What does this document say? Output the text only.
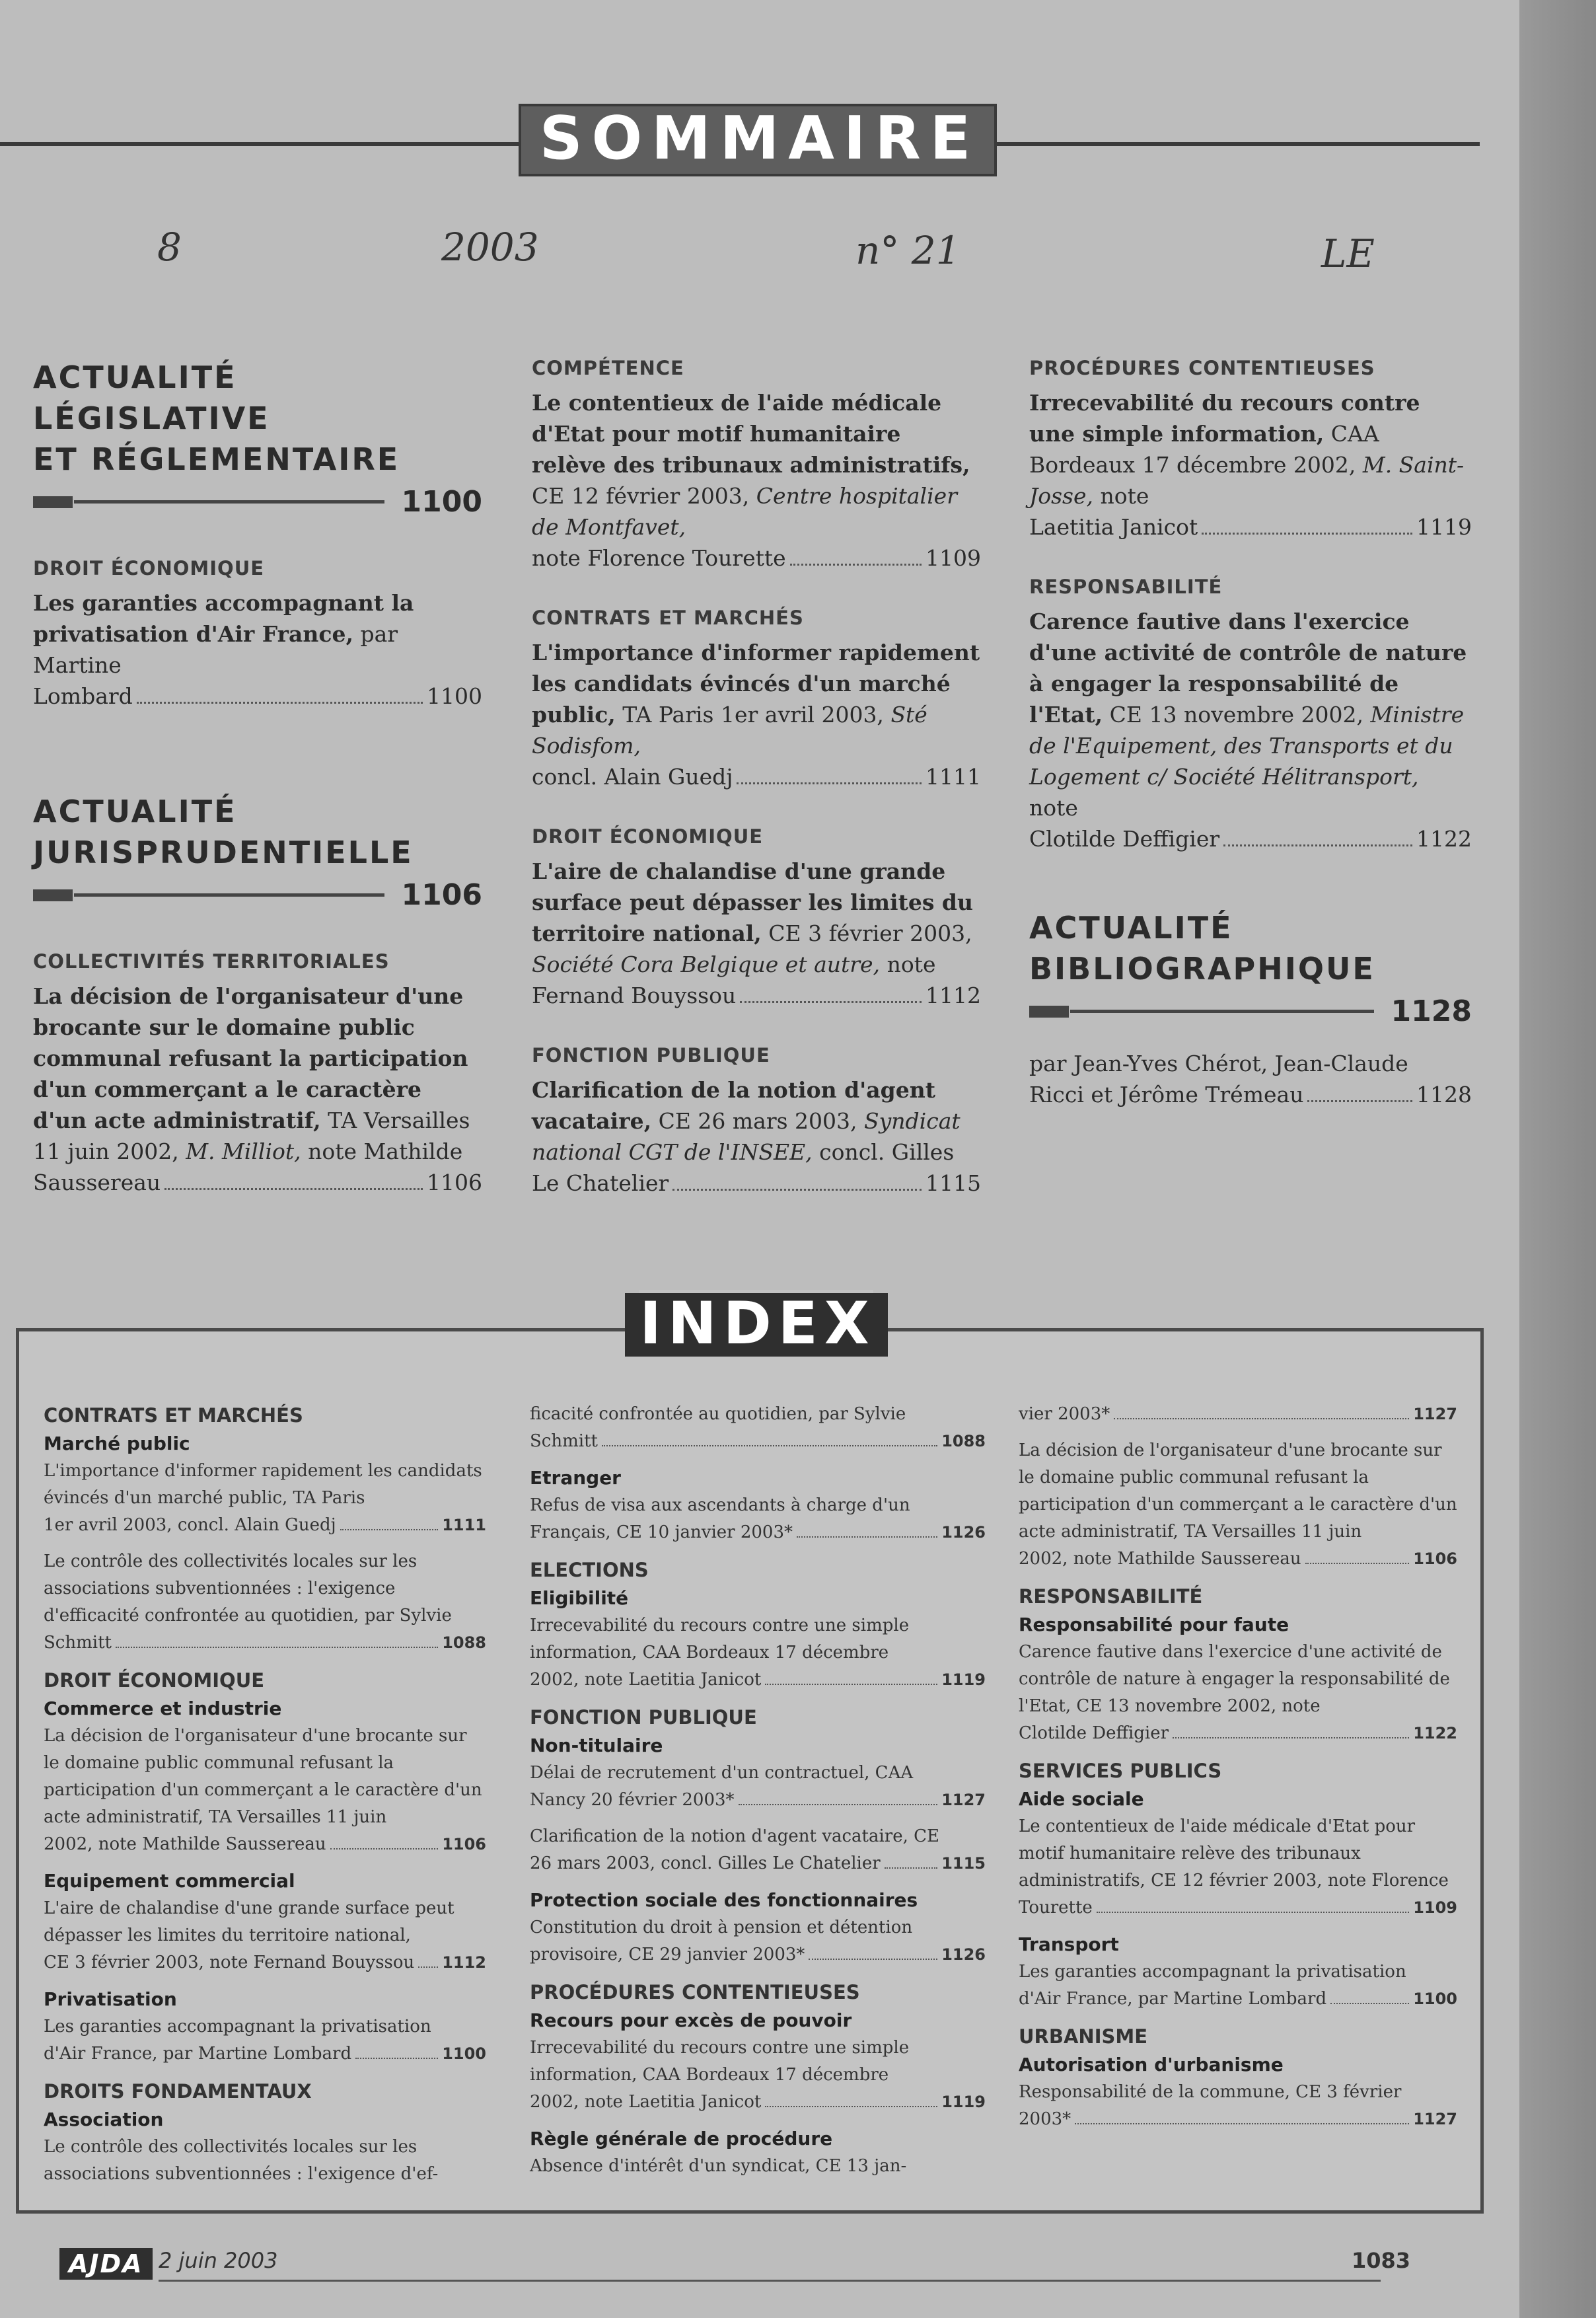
SOMMAIRE
8	2003	n° 21	LE
ACTUALITÉ LÉGISLATIVE
ET RÉGLEMENTAIRE
1100
DROIT ÉCONOMIQUE
Les garanties accompagnant la privatisation d'Air France, par Martine
Lombard	1100
ACTUALITÉ
JURISPRUDENTIELLE
1106
COLLECTIVITÉS TERRITORIALES
La décision de l'organisateur d'une brocante sur le domaine public communal refusant la participation d'un commerçant a le caractère d'un acte administratif, TA Versailles 11 juin 2002, M. Milliot, note Mathilde
Saussereau	1106
COMPÉTENCE
Le contentieux de l'aide médicale d'Etat pour motif humanitaire relève des tribunaux administratifs, CE 12 février 2003, Centre hospitalier de Montfavet,
note Florence Tourette	1109
CONTRATS ET MARCHÉS
L'importance d'informer rapidement les candidats évincés d'un marché public, TA Paris 1er avril 2003, Sté Sodisfom,
concl. Alain Guedj	1111
DROIT ÉCONOMIQUE
L'aire de chalandise d'une grande surface peut dépasser les limites du territoire national, CE 3 février 2003, Société Cora Belgique et autre, note
Fernand Bouyssou	1112
FONCTION PUBLIQUE
Clarification de la notion d'agent vacataire, CE 26 mars 2003, Syndicat national CGT de l'INSEE, concl. Gilles
Le Chatelier	1115
PROCÉDURES CONTENTIEUSES
Irrecevabilité du recours contre une simple information, CAA Bordeaux 17 décembre 2002, M. Saint-Josse, note
Laetitia Janicot	1119
RESPONSABILITÉ
Carence fautive dans l'exercice d'une activité de contrôle de nature à engager la responsabilité de l'Etat, CE 13 novembre 2002, Ministre de l'Equipement, des Transports et du Logement c/ Société Hélitransport, note
Clotilde Deffigier	1122
ACTUALITÉ
BIBLIOGRAPHIQUE
1128
par Jean-Yves Chérot, Jean-Claude
Ricci et Jérôme Trémeau	1128
INDEX
CONTRATS ET MARCHÉS
Marché public
L'importance d'informer rapidement les candidats évincés d'un marché public, TA Paris
1er avril 2003, concl. Alain Guedj	1111
Le contrôle des collectivités locales sur les associations subventionnées : l'exigence d'efficacité confrontée au quotidien, par Sylvie
Schmitt	1088
DROIT ÉCONOMIQUE
Commerce et industrie
La décision de l'organisateur d'une brocante sur le domaine public communal refusant la participation d'un commerçant a le caractère d'un acte administratif, TA Versailles 11 juin
2002, note Mathilde Saussereau	1106
Equipement commercial
L'aire de chalandise d'une grande surface peut dépasser les limites du territoire national,
CE 3 février 2003, note Fernand Bouyssou 1112
Privatisation
Les garanties accompagnant la privatisation
d'Air France, par Martine Lombard	1100
DROITS FONDAMENTAUX
Association
Le contrôle des collectivités locales sur les associations subventionnées : l'exigence d'ef-
ficacité confrontée au quotidien, par Sylvie
Schmitt	1088
Etranger
Refus de visa aux ascendants à charge d'un
Français, CE 10 janvier 2003*	1126
ELECTIONS
Eligibilité
Irrecevabilité du recours contre une simple information, CAA Bordeaux 17 décembre
2002, note Laetitia Janicot	1119
FONCTION PUBLIQUE
Non-titulaire
Délai de recrutement d'un contractuel, CAA
Nancy 20 février 2003*	1127
Clarification de la notion d'agent vacataire, CE
26 mars 2003, concl. Gilles Le Chatelier	1115
Protection sociale des fonctionnaires
Constitution du droit à pension et détention
provisoire, CE 29 janvier 2003*	1126
PROCÉDURES CONTENTIEUSES
Recours pour excès de pouvoir
Irrecevabilité du recours contre une simple information, CAA Bordeaux 17 décembre
2002, note Laetitia Janicot	1119
Règle générale de procédure
Absence d'intérêt d'un syndicat, CE 13 jan-
vier 2003*	1127
La décision de l'organisateur d'une brocante sur le domaine public communal refusant la participation d'un commerçant a le caractère d'un acte administratif, TA Versailles 11 juin
2002, note Mathilde Saussereau	1106
RESPONSABILITÉ
Responsabilité pour faute
Carence fautive dans l'exercice d'une activité de contrôle de nature à engager la responsabilité de l'Etat, CE 13 novembre 2002, note
Clotilde Deffigier	1122
SERVICES PUBLICS
Aide sociale
Le contentieux de l'aide médicale d'Etat pour motif humanitaire relève des tribunaux administratifs, CE 12 février 2003, note Florence
Tourette	1109
Transport
Les garanties accompagnant la privatisation
d'Air France, par Martine Lombard	1100
URBANISME
Autorisation d'urbanisme
Responsabilité de la commune, CE 3 février
2003*	1127
AJDA 2 juin 2003	1083
